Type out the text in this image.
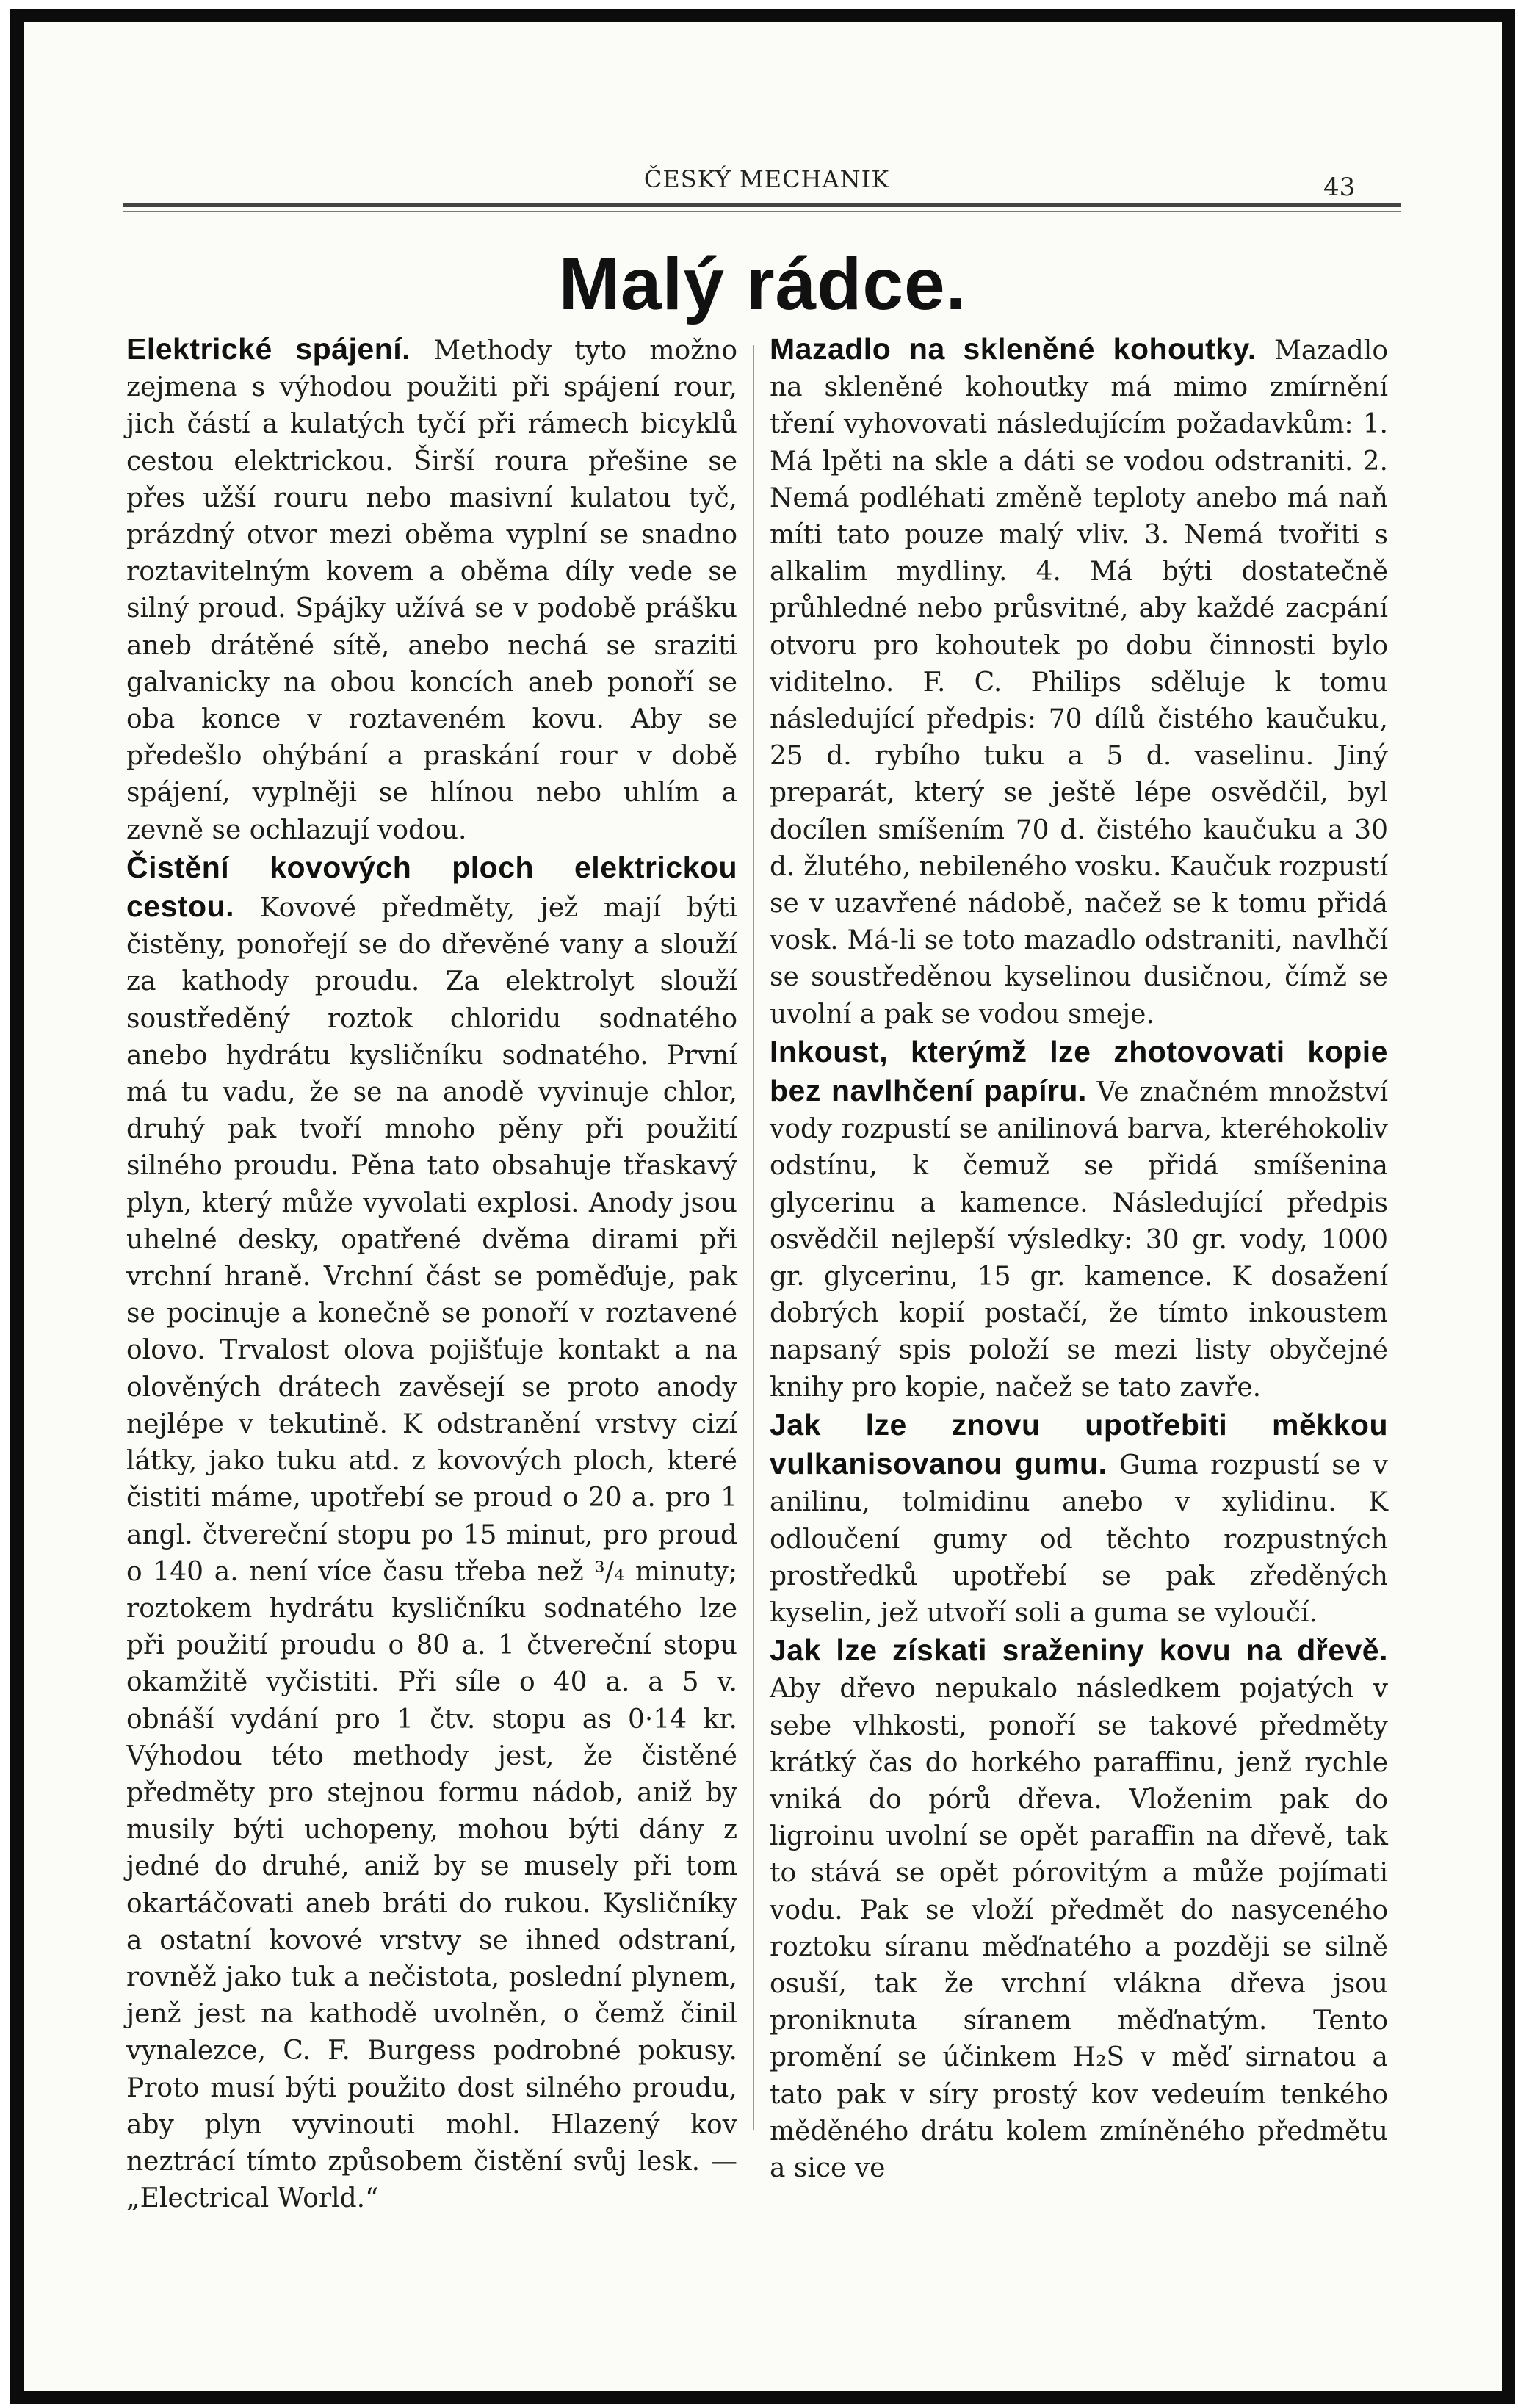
ČESKÝ MECHANIK	43
Malý rádce.

Elektrické spájení. Methody tyto možno zejmena s výhodou použiti při spájení rour, jich částí a kulatých tyčí při rámech bicyklů cestou elektrickou. Širší roura přešine se přes užší rouru nebo masivní kulatou tyč, prázdný otvor mezi oběma vyplní se snadno roztavitelným kovem a oběma díly vede se silný proud. Spájky užívá se v podobě prášku aneb drátěné sítě, anebo nechá se sraziti galvanicky na obou koncích aneb ponoří se oba konce v roztaveném kovu. Aby se předešlo ohýbání a praskání rour v době spájení, vyplněji se hlínou nebo uhlím a zevně se ochlazují vodou.

Čistění kovových ploch elektrickou cestou. Kovové předměty, jež mají býti čistěny, ponořejí se do dřevěné vany a slouží za kathody proudu. Za elektrolyt slouží soustředěný roztok chloridu sodnatého anebo hydrátu kysličníku sodnatého. První má tu vadu, že se na anodě vyvinuje chlor, druhý pak tvoří mnoho pěny při použití silného proudu. Pěna tato obsahuje třaskavý plyn, který může vyvolati explosi. Anody jsou uhelné desky, opatřené dvěma dirami při vrchní hraně. Vrchní část se poměďuje, pak se pocinuje a konečně se ponoří v roztavené olovo. Trvalost olova pojišťuje kontakt a na olověných drátech zavěsejí se proto anody nejlépe v tekutině. K odstranění vrstvy cizí látky, jako tuku atd. z kovových ploch, které čistiti máme, upotřebí se proud o 20 a. pro 1 angl. čtvereční stopu po 15 minut, pro proud o 140 a. není více času třeba než ³/₄ minuty; roztokem hydrátu kysličníku sodnatého lze při použití proudu o 80 a. 1 čtvereční stopu okamžitě vyčistiti. Při síle o 40 a. a 5 v. obnáší vydání pro 1 čtv. stopu as 0·14 kr. Výhodou této methody jest, že čistěné předměty pro stejnou formu nádob, aniž by musily býti uchopeny, mohou býti dány z jedné do druhé, aniž by se musely při tom okartáčovati aneb bráti do rukou. Kysličníky a ostatní kovové vrstvy se ihned odstraní, rovněž jako tuk a nečistota, poslední plynem, jenž jest na kathodě uvolněn, o čemž činil vynalezce, C. F. Burgess podrobné pokusy. Proto musí býti použito dost silného proudu, aby plyn vyvinouti mohl. Hlazený kov neztrácí tímto způsobem čistění svůj lesk. — „Electrical World.“

Mazadlo na skleněné kohoutky. Mazadlo na skleněné kohoutky má mimo zmírnění tření vyhovovati následujícím požadavkům: 1. Má lpěti na skle a dáti se vodou odstraniti. 2. Nemá podléhati změně teploty anebo má naň míti tato pouze malý vliv. 3. Nemá tvořiti s alkalim mydliny. 4. Má býti dostatečně průhledné nebo průsvitné, aby každé zacpání otvoru pro kohoutek po dobu činnosti bylo viditelno. F. C. Philips sděluje k tomu následující předpis: 70 dílů čistého kaučuku, 25 d. rybího tuku a 5 d. vaselinu. Jiný preparát, který se ještě lépe osvědčil, byl docílen smíšením 70 d. čistého kaučuku a 30 d. žlutého, nebileného vosku. Kaučuk rozpustí se v uzavřené nádobě, načež se k tomu přidá vosk. Má-li se toto mazadlo odstraniti, navlhčí se soustředěnou kyselinou dusičnou, čímž se uvolní a pak se vodou smeje.

Inkoust, kterýmž lze zhotovovati kopie bez navlhčení papíru. Ve značném množství vody rozpustí se anilinová barva, kteréhokoliv odstínu, k čemuž se přidá smíšenina glycerinu a kamence. Následující předpis osvědčil nejlepší výsledky: 30 gr. vody, 1000 gr. glycerinu, 15 gr. kamence. K dosažení dobrých kopií postačí, že tímto inkoustem napsaný spis položí se mezi listy obyčejné knihy pro kopie, načež se tato zavře.

Jak lze znovu upotřebiti měkkou vulkanisovanou gumu. Guma rozpustí se v anilinu, tolmidinu anebo v xylidinu. K odloučení gumy od těchto rozpustných prostředků upotřebí se pak zředěných kyselin, jež utvoří soli a guma se vyloučí.

Jak lze získati sraženiny kovu na dřevě. Aby dřevo nepukalo následkem pojatých v sebe vlhkosti, ponoří se takové předměty krátký čas do horkého paraffinu, jenž rychle vniká do pórů dřeva. Vloženim pak do ligroinu uvolní se opět paraffin na dřevě, tak to stává se opět pórovitým a může pojímati vodu. Pak se vloží předmět do nasyceného roztoku síranu měďnatého a později se silně osuší, tak že vrchní vlákna dřeva jsou proniknuta síranem měďnatým. Tento promění se účinkem H₂S v měď sirnatou a tato pak v síry prostý kov vedeuím tenkého měděného drátu kolem zmíněného předmětu a sice ve
